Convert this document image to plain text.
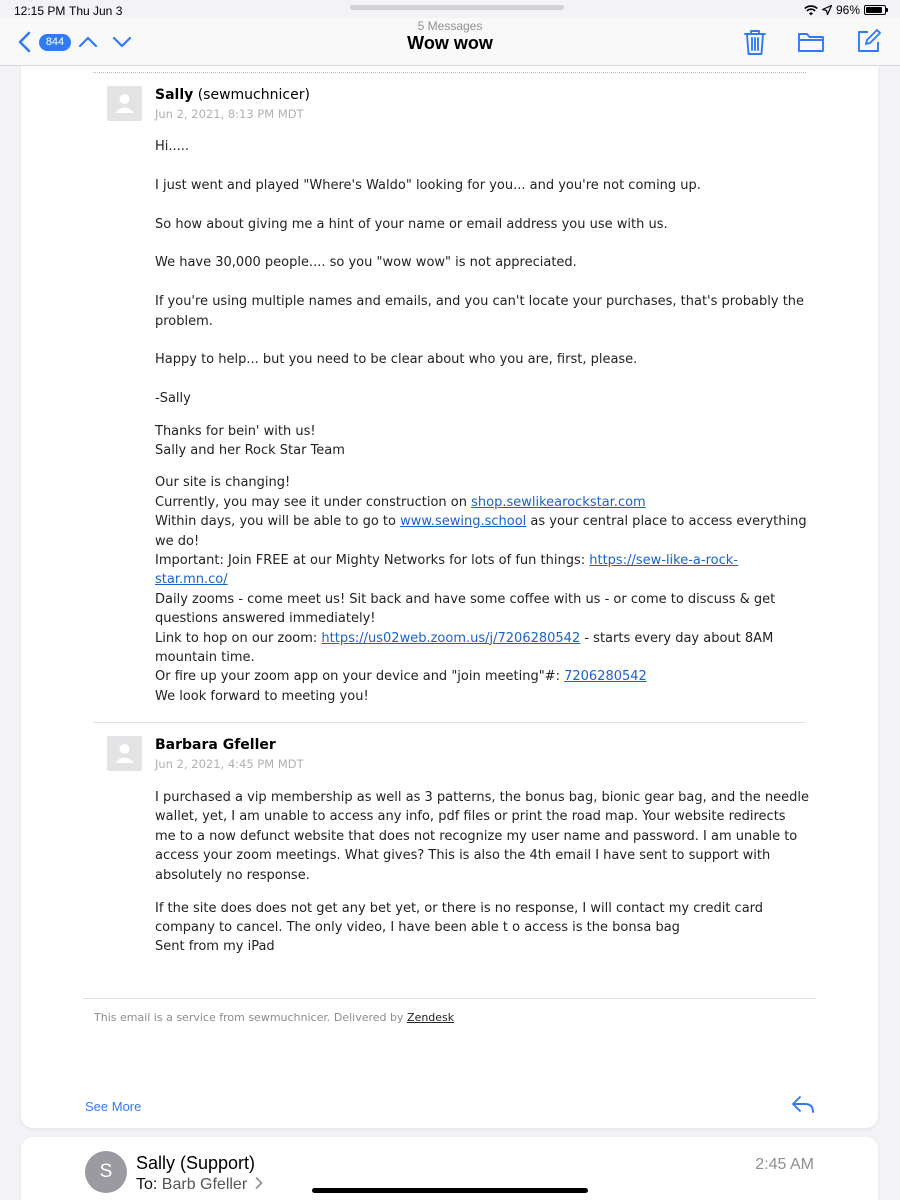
12:15 PM Thu Jun 3	96%
844
5 Messages
Wow wow
Sally (sewmuchnicer)
Jun 2, 2021, 8:13 PM MDT

Hi.....

I just went and played "Where's Waldo" looking for you... and you're not coming up.

So how about giving me a hint of your name or email address you use with us.

We have 30,000 people.... so you "wow wow" is not appreciated.

If you're using multiple names and emails, and you can't locate your purchases, that's probably the problem.

Happy to help... but you need to be clear about who you are, first, please.

-Sally

Thanks for bein' with us!

Sally and her Rock Star Team

Our site is changing!

Currently, you may see it under construction on shop.sewlikearockstar.com

Within days, you will be able to go to www.sewing.school as your central place to access everything we do!

Important: Join FREE at our Mighty Networks for lots of fun things: https://sew-like-a-rock-star.mn.co/

Daily zooms - come meet us! Sit back and have some coffee with us - or come to discuss & get questions answered immediately!

Link to hop on our zoom: https://us02web.zoom.us/j/7206280542 - starts every day about 8AM mountain time.

Or fire up your zoom app on your device and "join meeting"#: 7206280542

We look forward to meeting you!

Barbara Gfeller
Jun 2, 2021, 4:45 PM MDT

I purchased a vip membership as well as 3 patterns, the bonus bag, bionic gear bag, and the needle wallet, yet, I am unable to access any info, pdf files or print the road map. Your website redirects me to a now defunct website that does not recognize my user name and password. I am unable to access your zoom meetings. What gives? This is also the 4th email I have sent to support with absolutely no response.

If the site does does not get any bet yet, or there is no response, I will contact my credit card company to cancel. The only video, I have been able t o access is the bonsa bag

Sent from my iPad

This email is a service from sewmuchnicer. Delivered by Zendesk
See More
S	Sally (Support)
To: Barb Gfeller
2:45 AM
